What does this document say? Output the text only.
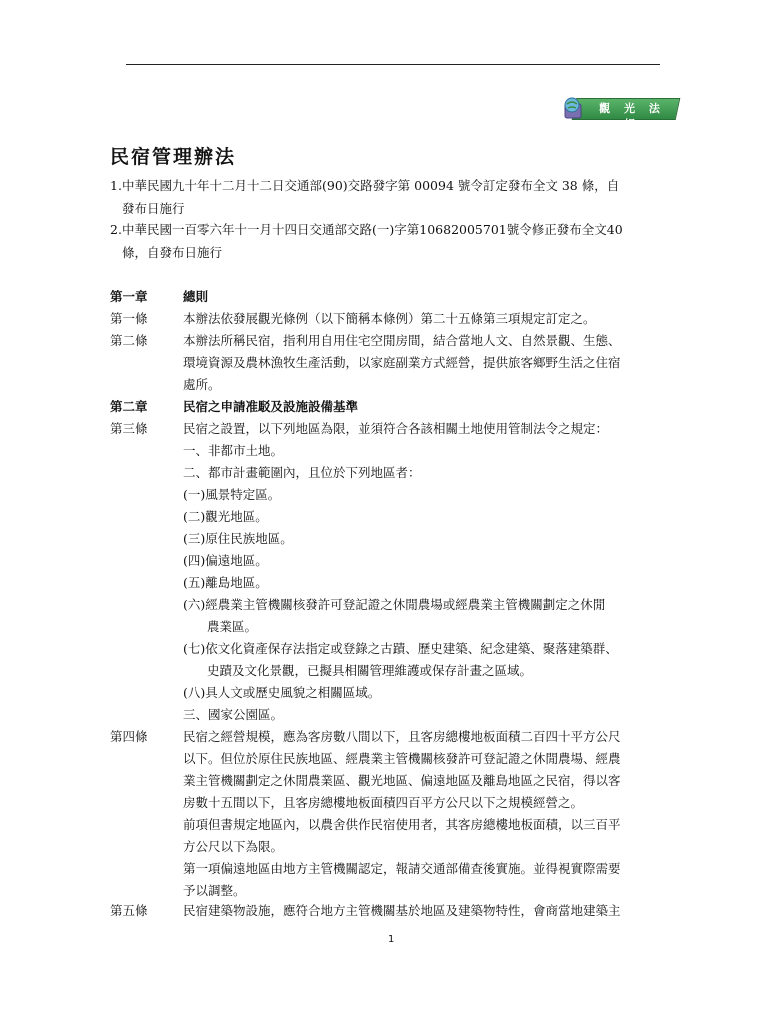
觀 光 法 規
民宿管理辦法
1.中華民國九十年十二月十二日交通部(90)交路發字第 00094 號令訂定發布全文 38 條，自
發布日施行
2.中華民國一百零六年十一月十四日交通部交路(一)字第10682005701號令修正發布全文40
條，自發布日施行
第一章	總則
第一條	本辦法依發展觀光條例（以下簡稱本條例）第二十五條第三項規定訂定之。
第二條	本辦法所稱民宿，指利用自用住宅空閒房間，結合當地人文、自然景觀、生態、
環境資源及農林漁牧生產活動，以家庭副業方式經營，提供旅客鄉野生活之住宿
處所。
第二章	民宿之申請准駁及設施設備基準
第三條	民宿之設置，以下列地區為限，並須符合各該相關土地使用管制法令之規定：
一、非都市土地。
二、都市計畫範圍內，且位於下列地區者：
(一)風景特定區。
(二)觀光地區。
(三)原住民族地區。
(四)偏遠地區。
(五)離島地區。
(六)經農業主管機關核發許可登記證之休閒農場或經農業主管機關劃定之休閒
農業區。
(七)依文化資產保存法指定或登錄之古蹟、歷史建築、紀念建築、聚落建築群、
史蹟及文化景觀，已擬具相關管理維護或保存計畫之區域。
(八)具人文或歷史風貌之相關區域。
三、國家公園區。
第四條	民宿之經營規模，應為客房數八間以下，且客房總樓地板面積二百四十平方公尺
以下。但位於原住民族地區、經農業主管機關核發許可登記證之休閒農場、經農
業主管機關劃定之休閒農業區、觀光地區、偏遠地區及離島地區之民宿，得以客
房數十五間以下，且客房總樓地板面積四百平方公尺以下之規模經營之。
前項但書規定地區內，以農舍供作民宿使用者，其客房總樓地板面積，以三百平
方公尺以下為限。
第一項偏遠地區由地方主管機關認定，報請交通部備查後實施。並得視實際需要
予以調整。
第五條	民宿建築物設施，應符合地方主管機關基於地區及建築物特性，會商當地建築主
1
